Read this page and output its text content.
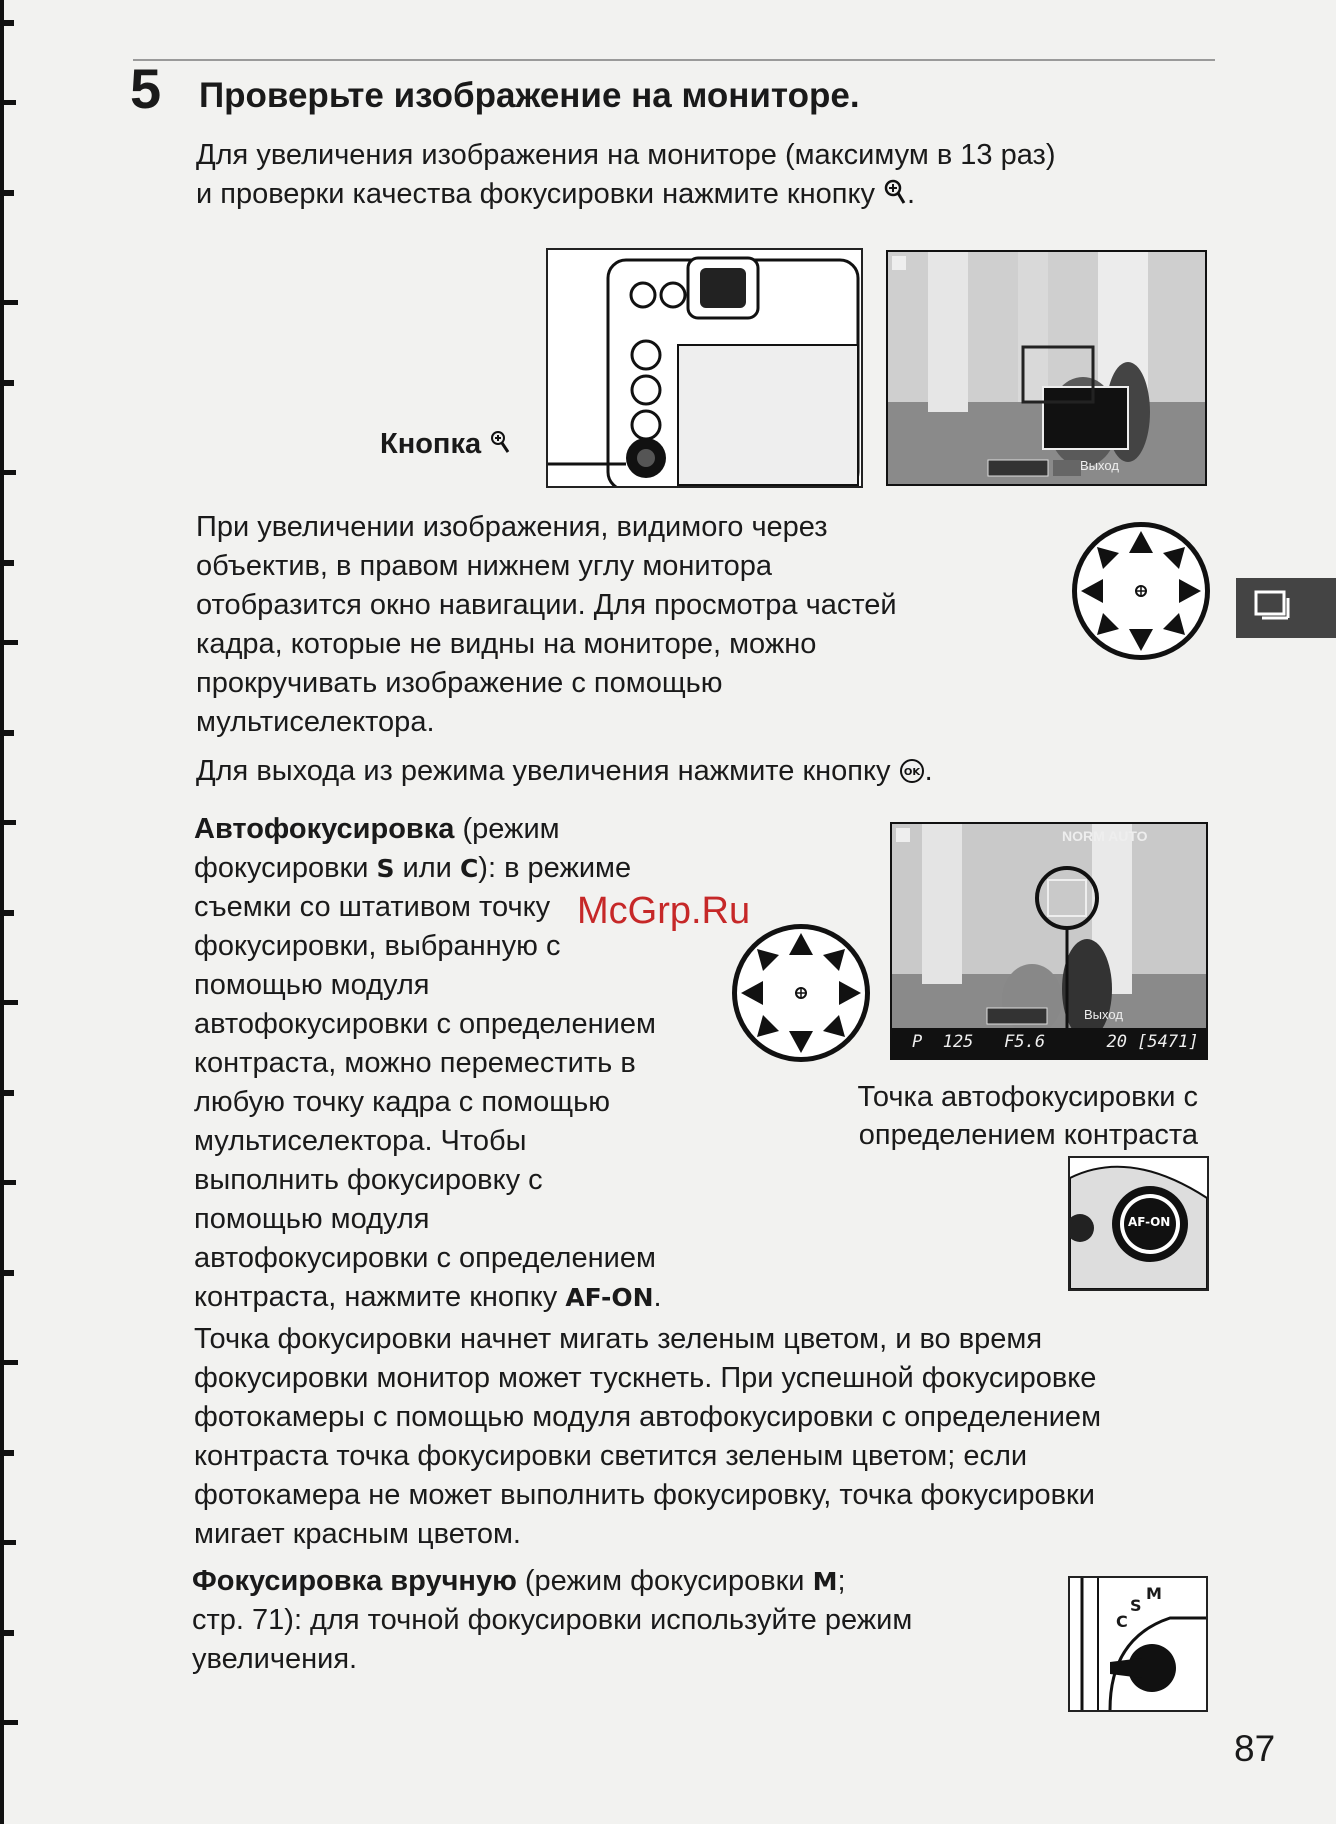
5 Проверьте изображение на мониторе.
Для увеличения изображения на мониторе (максимум в 13 раз)
и проверки качества фокусировки нажмите кнопку .
Кнопка
Выход
При увеличении изображения, видимого через
объектив, в правом нижнем углу монитора
отобразится окно навигации. Для просмотра частей
кадра, которые не видны на мониторе, можно
прокручивать изображение с помощью
мультиселектора.
Для выхода из режима увеличения нажмите кнопку OK .
Автофокусировка (режим
фокусировки S или C): в режиме
съемки со штативом точку
фокусировки, выбранную с
помощью модуля
автофокусировки с определением
контраста, можно переместить в
любую точку кадра с помощью
мультиселектора. Чтобы
выполнить фокусировку с
помощью модуля
автофокусировки с определением
контраста, нажмите кнопку AF-ON.
McGrp.Ru
NORM AUTO
Выход
P  125   F5.6      20 [5471]
Точка автофокусировки с
определением контраста
AF-ON
Точка фокусировки начнет мигать зеленым цветом, и во время
фокусировки монитор может тускнеть. При успешной фокусировке
фотокамеры с помощью модуля автофокусировки с определением
контраста точка фокусировки светится зеленым цветом; если
фотокамера не может выполнить фокусировку, точка фокусировки
мигает красным цветом.
Фокусировка вручную (режим фокусировки M;
стр. 71): для точной фокусировки используйте режим
увеличения.
C
S
M
87
